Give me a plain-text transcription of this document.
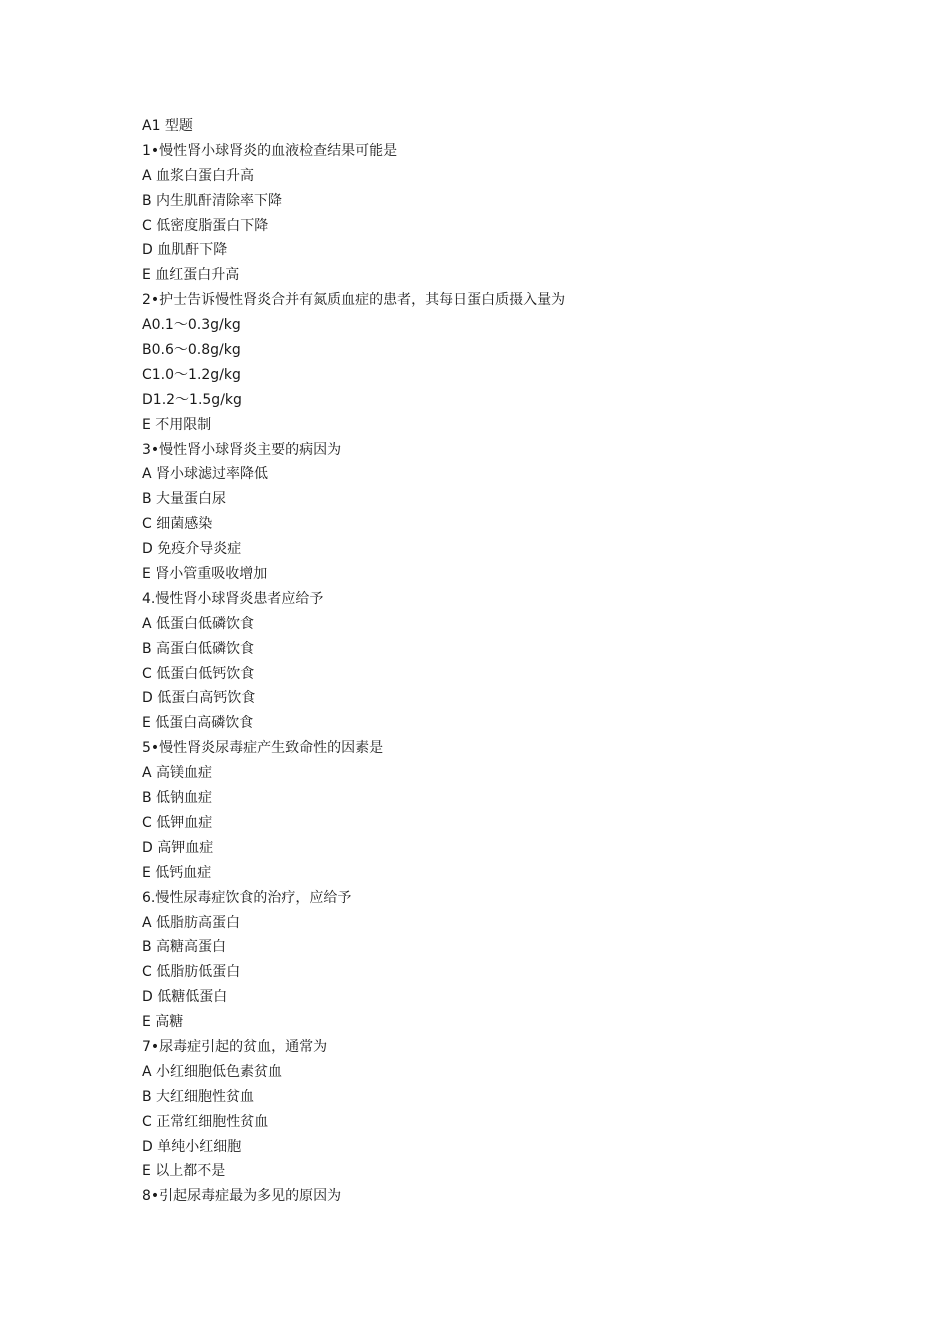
A1 型题
1•慢性肾小球肾炎的血液检查结果可能是
A 血浆白蛋白升高
B 内生肌酐清除率下降
C 低密度脂蛋白下降
D 血肌酐下降
E 血红蛋白升高
2•护士告诉慢性肾炎合并有氮质血症的患者，其每日蛋白质摄入量为
A0.1〜0.3g/kg
B0.6〜0.8g/kg
C1.0〜1.2g/kg
D1.2〜1.5g/kg
E 不用限制
3•慢性肾小球肾炎主要的病因为
A 肾小球滤过率降低
B 大量蛋白尿
C 细菌感染
D 免疫介导炎症
E 肾小管重吸收增加
4.慢性肾小球肾炎患者应给予
A 低蛋白低磷饮食
B 高蛋白低磷饮食
C 低蛋白低钙饮食
D 低蛋白高钙饮食
E 低蛋白高磷饮食
5•慢性肾炎尿毒症产生致命性的因素是
A 高镁血症
B 低钠血症
C 低钾血症
D 高钾血症
E 低钙血症
6.慢性尿毒症饮食的治疗，应给予
A 低脂肪高蛋白
B 高糖高蛋白
C 低脂肪低蛋白
D 低糖低蛋白
E 高糖
7•尿毒症引起的贫血，通常为
A 小红细胞低色素贫血
B 大红细胞性贫血
C 正常红细胞性贫血
D 单纯小红细胞
E 以上都不是
8•引起尿毒症最为多见的原因为
